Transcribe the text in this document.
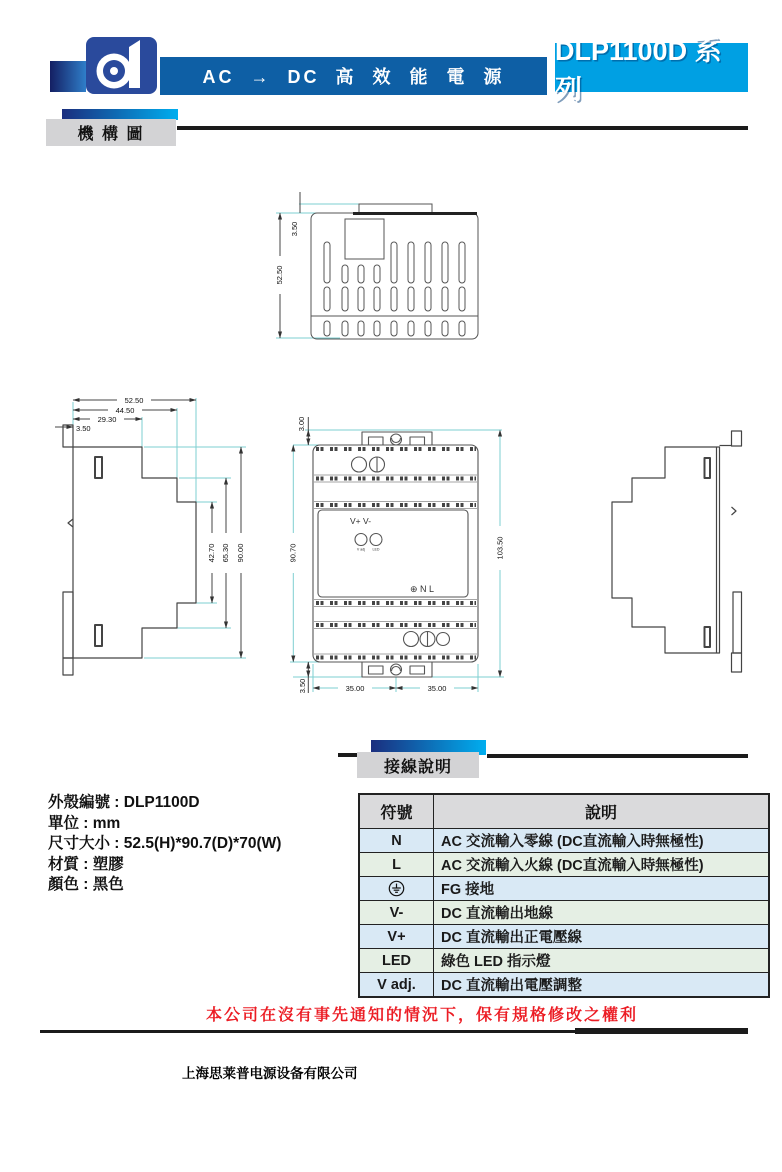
AC → DC 高 效 能 電 源
DLP1100D 系列
機 構 圖
52.50
3.50
52.50
44.50
29.30
3.50
42.70 65.30 90.00
V+ V-
V adj LED
⊕ N L
3.00
90.70	103.50
3.50	35.00	35.00
接線說明
外殼編號 : DLP1100D
單位 : mm
尺寸大小 : 52.5(H)*90.7(D)*70(W)
材質 : 塑膠
顏色 : 黑色
符號	說明
N	AC 交流輸入零線 (DC直流輸入時無極性)
L	AC 交流輸入火線 (DC直流輸入時無極性)
	FG 接地
V-	DC 直流輸出地線
V+	DC 直流輸出正電壓線
LED	綠色 LED 指示燈
V adj.	DC 直流輸出電壓調整
本公司在沒有事先通知的情況下，保有規格修改之權利
上海思莱普电源设备有限公司
